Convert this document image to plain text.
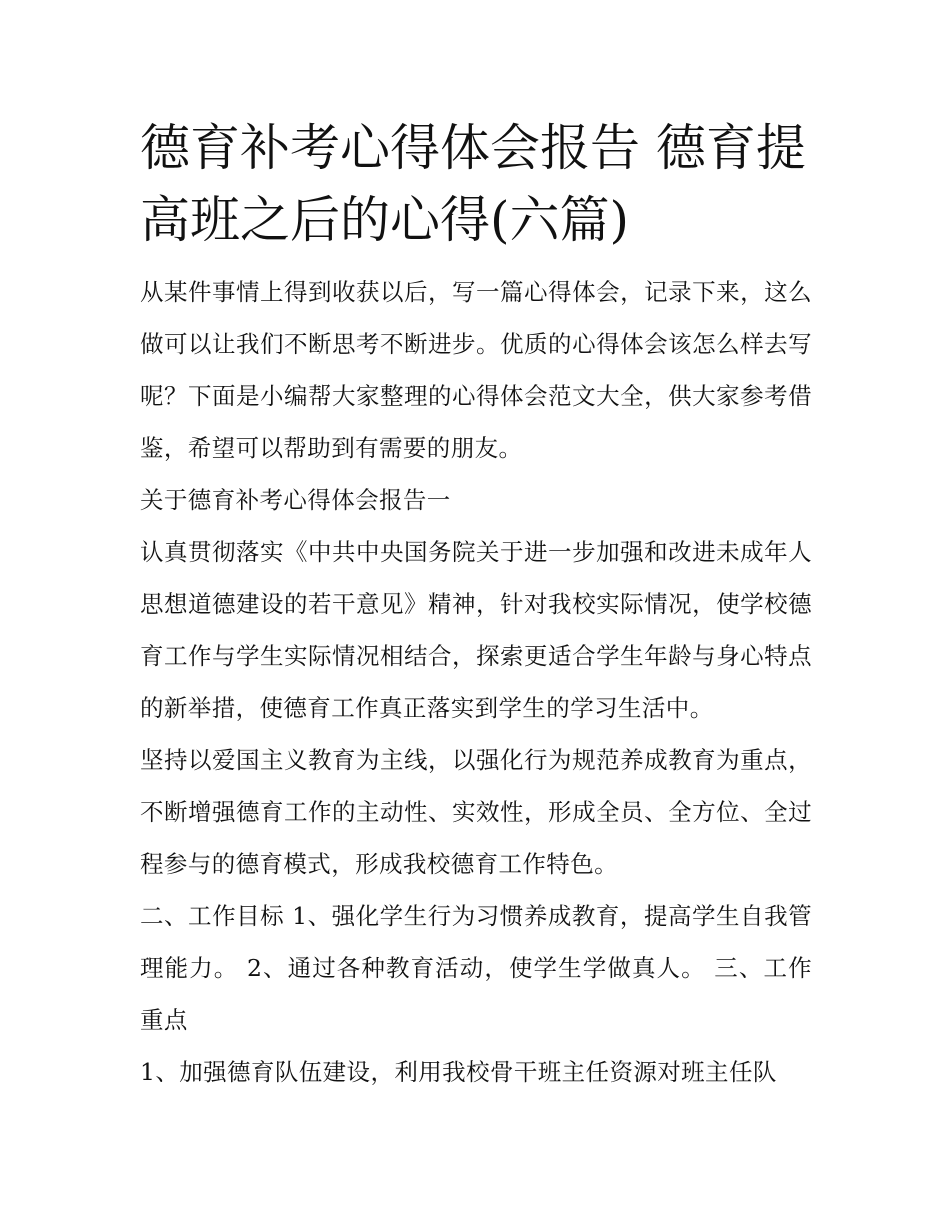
德育补考心得体会报告 德育提高班之后的心得(六篇)

从某件事情上得到收获以后，写一篇心得体会，记录下来，这么做可以让我们不断思考不断进步。优质的心得体会该怎么样去写呢？下面是小编帮大家整理的心得体会范文大全，供大家参考借鉴，希望可以帮助到有需要的朋友。

关于德育补考心得体会报告一

认真贯彻落实《中共中央国务院关于进一步加强和改进未成年人思想道德建设的若干意见》精神，针对我校实际情况，使学校德育工作与学生实际情况相结合，探索更适合学生年龄与身心特点的新举措，使德育工作真正落实到学生的学习生活中。

坚持以爱国主义教育为主线，以强化行为规范养成教育为重点，不断增强德育工作的主动性、实效性，形成全员、全方位、全过程参与的德育模式，形成我校德育工作特色。

二、工作目标 1、强化学生行为习惯养成教育，提高学生自我管理能力。 2、通过各种教育活动，使学生学做真人。 三、工作重点

1、加强德育队伍建设，利用我校骨干班主任资源对班主任队
